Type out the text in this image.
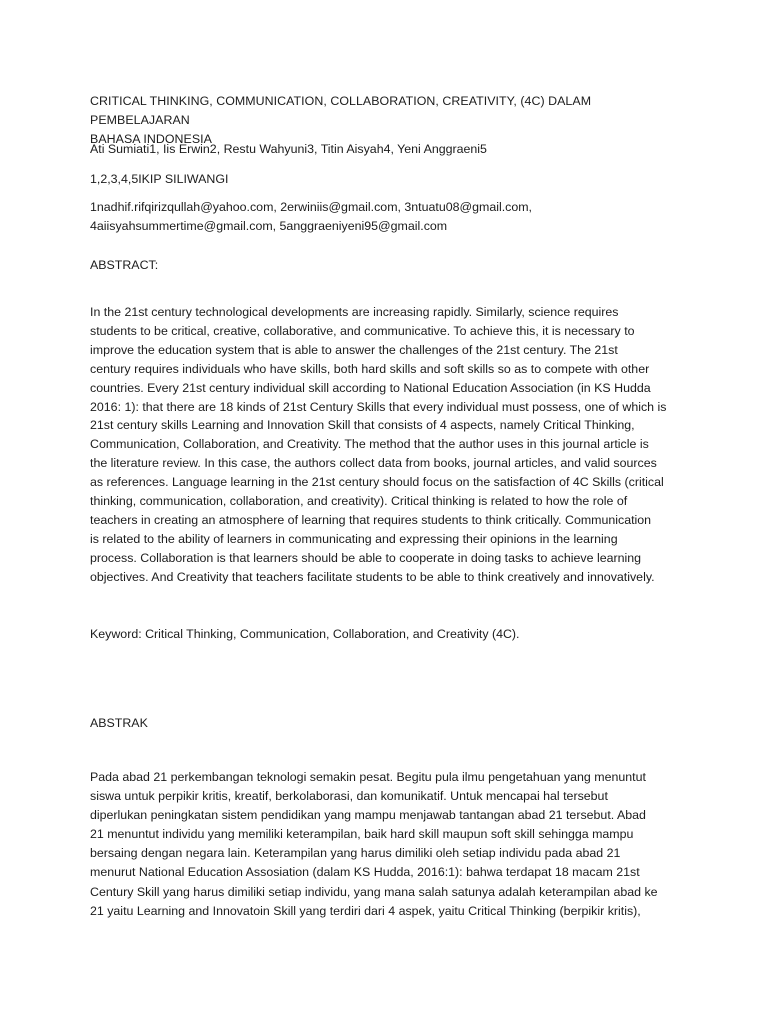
CRITICAL THINKING, COMMUNICATION, COLLABORATION, CREATIVITY, (4C) DALAM PEMBELAJARAN
BAHASA INDONESIA
Ati Sumiati1, Iis Erwin2, Restu Wahyuni3, Titin Aisyah4, Yeni Anggraeni5
1,2,3,4,5IKIP SILIWANGI
1nadhif.rifqirizqullah@yahoo.com, 2erwiniis@gmail.com, 3ntuatu08@gmail.com,
4aiisyahsummertime@gmail.com, 5anggraeniyeni95@gmail.com
ABSTRACT:
In the 21st century technological developments are increasing rapidly. Similarly, science requires
students to be critical, creative, collaborative, and communicative. To achieve this, it is necessary to
improve the education system that is able to answer the challenges of the 21st century. The 21st
century requires individuals who have skills, both hard skills and soft skills so as to compete with other
countries. Every 21st century individual skill according to National Education Association (in KS Hudda
2016: 1): that there are 18 kinds of 21st Century Skills that every individual must possess, one of which is
21st century skills Learning and Innovation Skill that consists of 4 aspects, namely Critical Thinking,
Communication, Collaboration, and Creativity. The method that the author uses in this journal article is
the literature review. In this case, the authors collect data from books, journal articles, and valid sources
as references. Language learning in the 21st century should focus on the satisfaction of 4C Skills (critical
thinking, communication, collaboration, and creativity). Critical thinking is related to how the role of
teachers in creating an atmosphere of learning that requires students to think critically. Communication
is related to the ability of learners in communicating and expressing their opinions in the learning
process. Collaboration is that learners should be able to cooperate in doing tasks to achieve learning
objectives. And Creativity that teachers facilitate students to be able to think creatively and innovatively.
Keyword: Critical Thinking, Communication, Collaboration, and Creativity (4C).
ABSTRAK
Pada abad 21 perkembangan teknologi semakin pesat. Begitu pula ilmu pengetahuan yang menuntut
siswa untuk perpikir kritis, kreatif, berkolaborasi, dan komunikatif. Untuk mencapai hal tersebut
diperlukan peningkatan sistem pendidikan yang mampu menjawab tantangan abad 21 tersebut. Abad
21 menuntut individu yang memiliki keterampilan, baik hard skill maupun soft skill sehingga mampu
bersaing dengan negara lain. Keterampilan yang harus dimiliki oleh setiap individu pada abad 21
menurut National Education Assosiation (dalam KS Hudda, 2016:1): bahwa terdapat 18 macam 21st
Century Skill yang harus dimiliki setiap individu, yang mana salah satunya adalah keterampilan abad ke
21 yaitu Learning and Innovatoin Skill yang terdiri dari 4 aspek, yaitu Critical Thinking (berpikir kritis),
